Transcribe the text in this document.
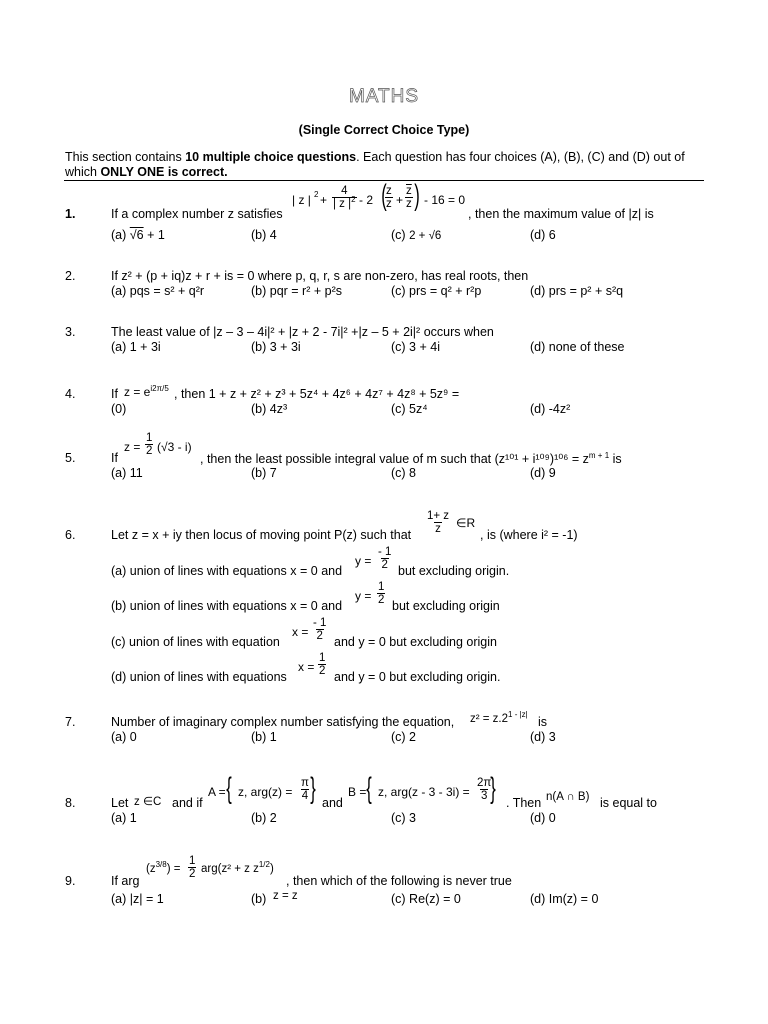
MATHS
(Single Correct Choice Type)
This section contains 10 multiple choice questions. Each question has four choices (A), (B), (C) and (D) out of which ONLY ONE is correct.
| z | $2 + \frac{4}{| z |^2} - 2$ (
$\frac{z}{z} + \frac{\overline{z}}{z}$ ) - 16 = 0
1.	If a complex number z satisfies	, then the maximum value of |z| is
(a) √6 + 1	(b) 4	(c) 2 + √6	(d) 6
2.	If z² + (p + iq)z + r + is = 0 where p, q, r, s are non-zero, has real roots, then
(a) pqs = s² + q²r	(b) pqr = r² + p²s	(c) prs = q² + r²p	(d) prs = p² + s²q
3.	The least value of |z – 3 – 4i|² + |z + 2 - 7i|² +|z – 5 + 2i|² occurs when
(a) 1 + 3i	(b) 3 + 3i	(c) 3 + 4i	(d) none of these
4.	If $z = e^{i2\pi/5}$ , then 1 + z + z² + z³ + 5z⁴ + 4z⁶ + 4z⁷ + 4z⁸ + 5z⁹ =
(0)	(b) 4z³	(c) 5z⁴	(d) -4z²
5.	If
$z = \frac{1}{2} (√3 - i)$
, then the least possible integral value of m such that $(z^{101} + i^{109})^{106} = z^{m + 1}$ is
(a) 11	(b) 7	(c) 8	(d) 9
6.	Let z = x + iy then locus of moving point P(z) such that $\frac{1+ z}{z}$ ∈R
, is (where i² = -1)
(a) union of lines with equations x = 0 and
$y = \frac{- 1}{2}$ but excluding origin.
(b) union of lines with equations x = 0 and
$y = \frac{1}{2}$ but excluding origin
(c) union of lines with equation
$x = \frac{- 1}{2}$ and y = 0 but excluding origin
(d) union of lines with equations
$x = \frac{1}{2}$ and y = 0 but excluding origin.
7.	Number of imaginary complex number satisfying the equation, $z^2 = z.2^{1 - |z|}$
is
(a) 0	(b) 1	(c) 2	(d) 3
8.	Let z ∈C and if
A = { z, $arg(z) = \frac{\pi}{4}$ } and
B = { z, $arg(z - 3 - 3i) = \frac{2\pi}{3}$
} . Then n(A ∩ B) is equal to
(a) 1	(b) 2	(c) 3	(d) 0
9.	If arg
$(z^{3/8}) = \frac{1}{2} arg(z^2 + z$ $z^{1/2}$)
, then which of the following is never true
(a) |z| = 1	(b) z = z	(c) Re(z) = 0	(d) Im(z) = 0
